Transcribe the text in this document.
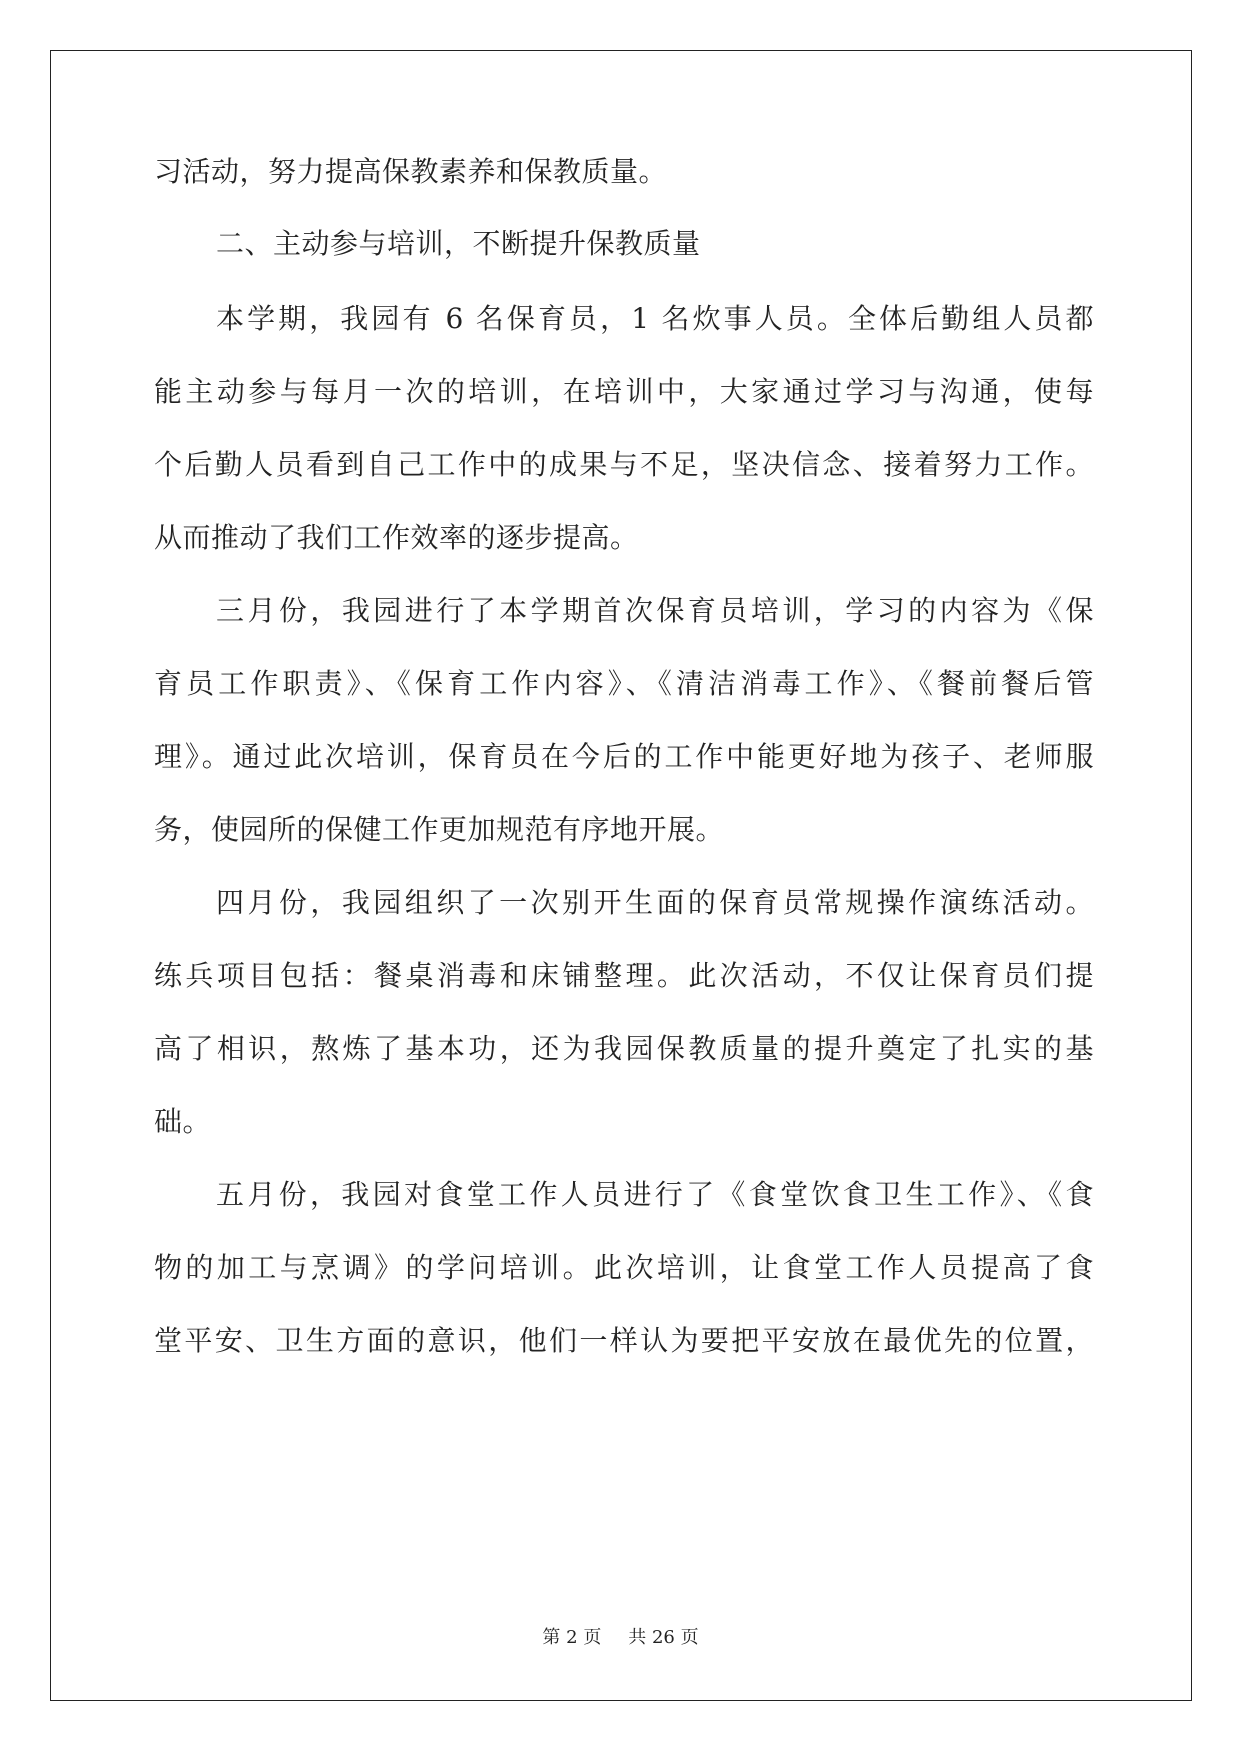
习活动，努力提高保教素养和保教质量。
二、主动参与培训，不断提升保教质量
本学期，我园有 6 名保育员，1 名炊事人员。全体后勤组人员都
能主动参与每月一次的培训，在培训中，大家通过学习与沟通，使每
个后勤人员看到自己工作中的成果与不足，坚决信念、接着努力工作。
从而推动了我们工作效率的逐步提高。
三月份，我园进行了本学期首次保育员培训，学习的内容为《保
育员工作职责》、《保育工作内容》、《清洁消毒工作》、《餐前餐后管
理》。通过此次培训，保育员在今后的工作中能更好地为孩子、老师服
务，使园所的保健工作更加规范有序地开展。
四月份，我园组织了一次别开生面的保育员常规操作演练活动。
练兵项目包括：餐桌消毒和床铺整理。此次活动，不仅让保育员们提
高了相识，熬炼了基本功，还为我园保教质量的提升奠定了扎实的基
础。
五月份，我园对食堂工作人员进行了《食堂饮食卫生工作》、《食
物的加工与烹调》的学问培训。此次培训，让食堂工作人员提高了食
堂平安、卫生方面的意识，他们一样认为要把平安放在最优先的位置，
第 2 页 共 26 页
